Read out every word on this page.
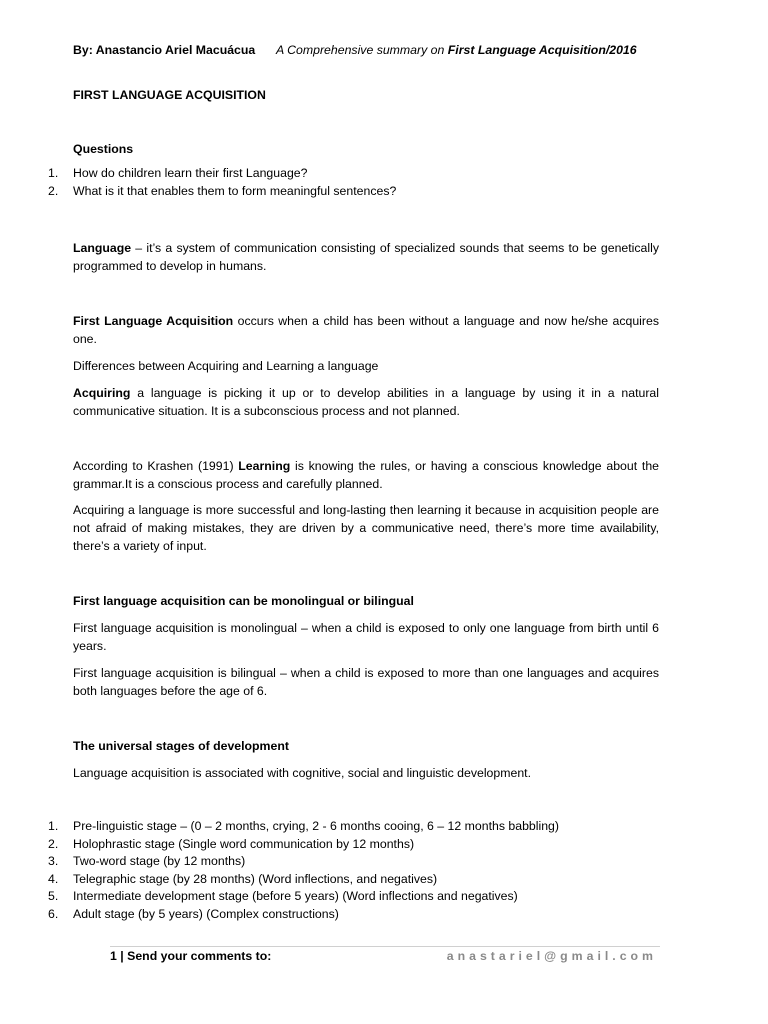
By: Anastancio Ariel Macuácua A Comprehensive summary on First Language Acquisition/2016
FIRST LANGUAGE ACQUISITION
Questions
1. How do children learn their first Language?
2. What is it that enables them to form meaningful sentences?
Language – it’s a system of communication consisting of specialized sounds that seems to be genetically programmed to develop in humans.
First Language Acquisition occurs when a child has been without a language and now he/she acquires one.
Differences between Acquiring and Learning a language
Acquiring a language is picking it up or to develop abilities in a language by using it in a natural communicative situation. It is a subconscious process and not planned.
According to Krashen (1991) Learning is knowing the rules, or having a conscious knowledge about the grammar.It is a conscious process and carefully planned.
Acquiring a language is more successful and long-lasting then learning it because in acquisition people are not afraid of making mistakes, they are driven by a communicative need, there’s more time availability, there’s a variety of input.
First language acquisition can be monolingual or bilingual
First language acquisition is monolingual – when a child is exposed to only one language from birth until 6 years.
First language acquisition is bilingual – when a child is exposed to more than one languages and acquires both languages before the age of 6.
The universal stages of development
Language acquisition is associated with cognitive, social and linguistic development.
1. Pre-linguistic stage – (0 – 2 months, crying, 2 - 6 months cooing, 6 – 12 months babbling)
2. Holophrastic stage (Single word communication by 12 months)
3. Two-word stage (by 12 months)
4. Telegraphic stage (by 28 months) (Word inflections, and negatives)
5. Intermediate development stage (before 5 years) (Word inflections and negatives)
6. Adult stage (by 5 years) (Complex constructions)
1 | Send your comments to:	anastariel@gmail.com
